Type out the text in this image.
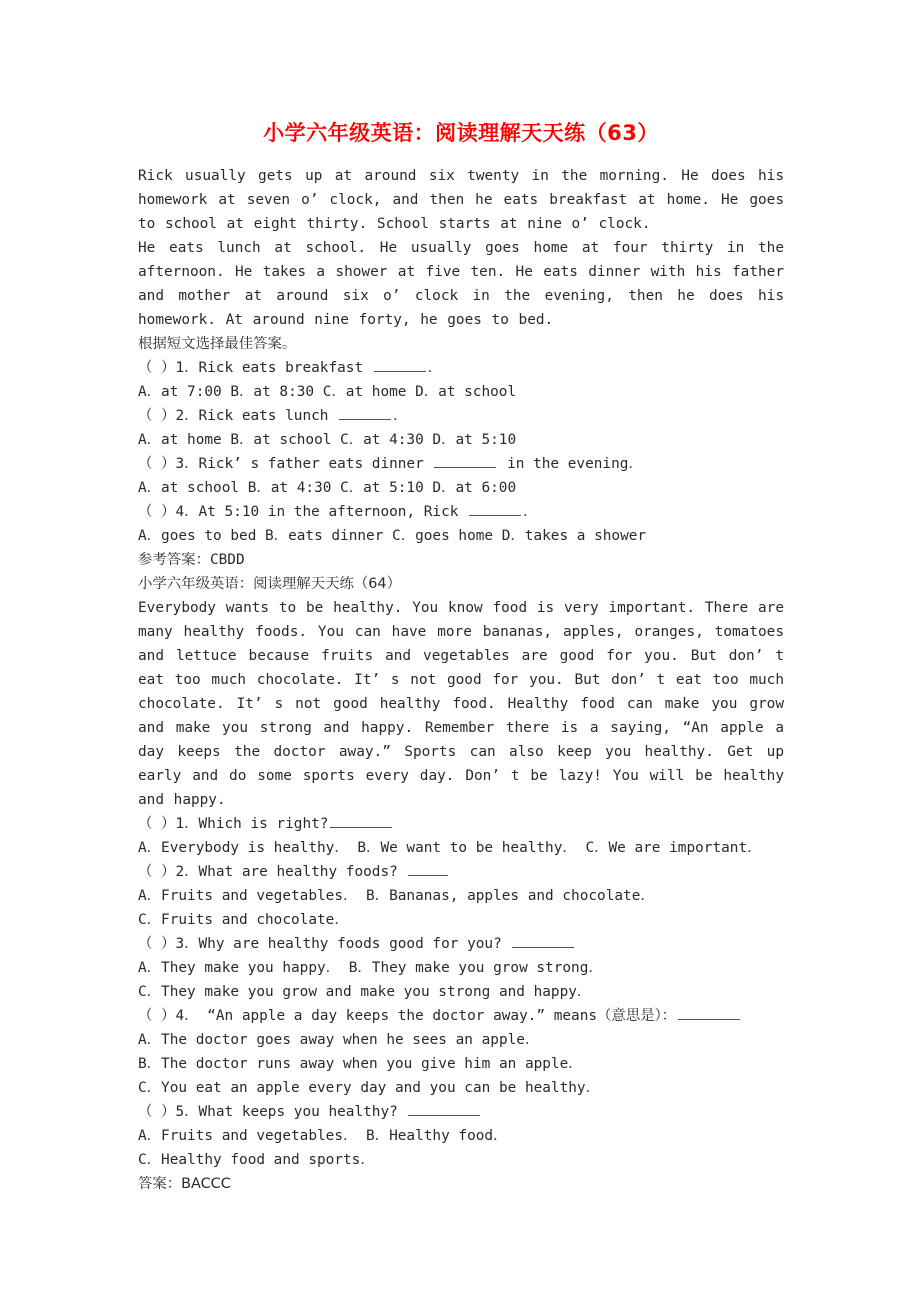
小学六年级英语：阅读理解天天练（63）

Rick usually gets up at around six twenty in the morning. He does his homework at seven o’ clock, and then he eats breakfast at home. He goes to school at eight thirty. School starts at nine o’ clock.

He eats lunch at school. He usually goes home at four thirty in the afternoon. He takes a shower at five ten. He eats dinner with his father and mother at around six o’ clock in the evening, then he does his homework. At around nine forty, he goes to bed.

根据短文选择最佳答案。

（ ）1．Rick eats breakfast	．

A．at 7:00 B．at 8:30 C．at home D．at school

（ ）2．Rick eats lunch	．

A．at home B．at school C．at 4:30 D．at 5:10

（ ）3．Rick’ s father eats dinner	in the evening．

A．at school B．at 4:30 C．at 5:10 D．at 6:00

（ ）4．At 5:10 in the afternoon, Rick	．

A．goes to bed B．eats dinner C．goes home D．takes a shower

参考答案：CBDD

小学六年级英语：阅读理解天天练（64）

Everybody wants to be healthy. You know food is very important. There are many healthy foods. You can have more bananas, apples, oranges, tomatoes and lettuce because fruits and vegetables are good for you. But don’ t eat too much chocolate. It’ s not good for you. But don’ t eat too much chocolate. It’ s not good healthy food. Healthy food can make you grow and make you strong and happy. Remember there is a saying, “An apple a day keeps the doctor away.” Sports can also keep you healthy. Get up early and do some sports every day. Don’ t be lazy! You will be healthy and happy.

（ ）1．Which is right?

A．Everybody is healthy． B．We want to be healthy． C．We are important．

（ ）2．What are healthy foods?

A．Fruits and vegetables． B．Bananas, apples and chocolate．

C．Fruits and chocolate．

（ ）3．Why are healthy foods good for you?

A．They make you happy． B．They make you grow strong．

C．They make you grow and make you strong and happy．

（ ）4． “An apple a day keeps the doctor away.” means（意思是）：

A．The doctor goes away when he sees an apple．

B．The doctor runs away when you give him an apple．

C．You eat an apple every day and you can be healthy．

（ ）5．What keeps you healthy?

A．Fruits and vegetables． B．Healthy food．

C．Healthy food and sports．

答案：BACCC
